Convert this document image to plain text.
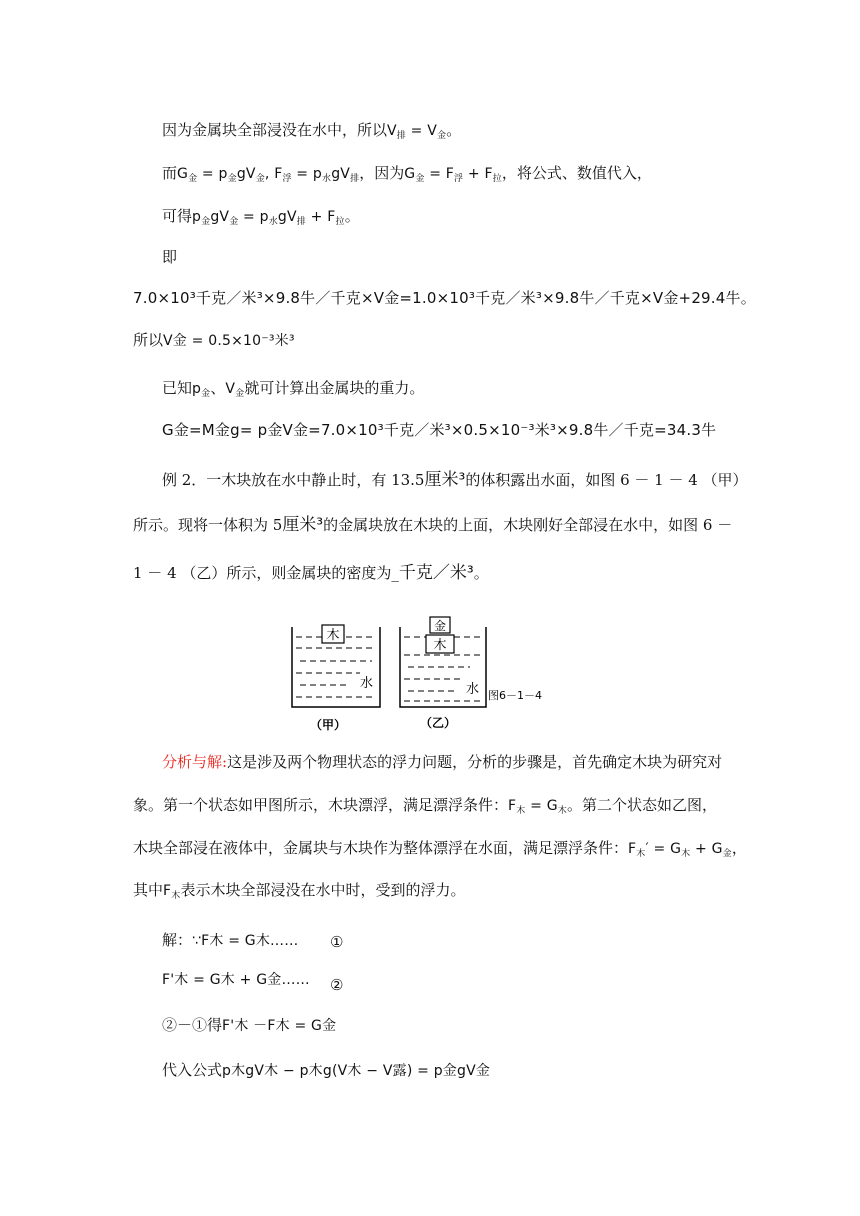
因为金属块全部浸没在水中，所以$V_排 = V_金$。
而$G_金 = p_金gV_金$, $F_浮 = p_水gV_排$，因为$G_金 = F_浮 + F_拉$，将公式、数值代入，
可得$p_金gV_金 = p_水gV_排 + F_拉$。
即
7.0×10³千克／米³×9.8牛／千克×V金=1.0×10³千克／米³×9.8牛／千克×V金+29.4牛。
所以V金 = 0.5×10⁻³米³
已知$p_金$、$V_金$就可计算出金属块的重力。
G金=M金g= p金V金=7.0×10³千克／米³×0.5×10⁻³米³×9.8牛／千克=34.3牛
例 2．一木块放在水中静止时，有 13.5厘米³的体积露出水面，如图 6 － 1 － 4 （甲）
所示。现将一体积为 5厘米³的金属块放在木块的上面，木块刚好全部浸在水中，如图 6 －
1 － 4 （乙）所示，则金属块的密度为_千克／米³。
木
水
金
木
水 图6－1－4
（甲）	（乙）
分析与解:这是涉及两个物理状态的浮力问题，分析的步骤是，首先确定木块为研究对
象。第一个状态如甲图所示，木块漂浮，满足漂浮条件：$F_木 = G_木$。第二个状态如乙图，
木块全部浸在液体中，金属块与木块作为整体漂浮在水面，满足漂浮条件：$F_木' = G_木 + G_金$，
其中$F_木$表示木块全部浸没在水中时，受到的浮力。
解：∵F木 = G木…… ①
F'木 = G木 + G金…… ②
②－①得F'木 －F木 = G金
代入公式p木gV木 − p木g(V木 − V露) = p金gV金
